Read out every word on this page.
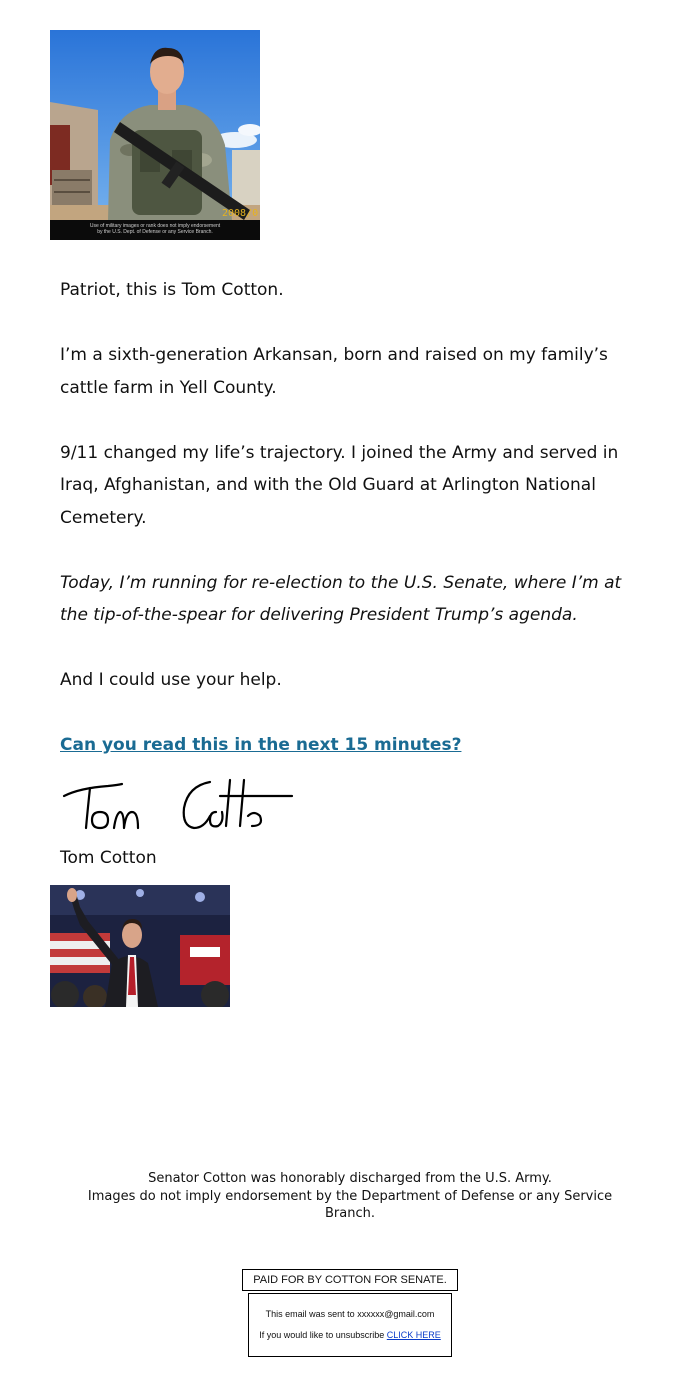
2008/0
Use of military images or rank does not imply endorsement
by the U.S. Dept. of Defense or any Service Branch.

Patriot, this is Tom Cotton.

I’m a sixth-generation Arkansan, born and raised on my family’s cattle farm in Yell County.

9/11 changed my life’s trajectory. I joined the Army and served in Iraq, Afghanistan, and with the Old Guard at Arlington National Cemetery.

Today, I’m running for re-election to the U.S. Senate, where I’m at the tip-of-the-spear for delivering President Trump’s agenda.

And I could use your help.

Can you read this in the next 15 minutes?

Tom Cotton
Senator Cotton was honorably discharged from the U.S. Army.
Images do not imply endorsement by the Department of Defense or any Service Branch.
PAID FOR BY COTTON FOR SENATE.
This email was sent to xxxxxx@gmail.com
If you would like to unsubscribe CLICK HERE
